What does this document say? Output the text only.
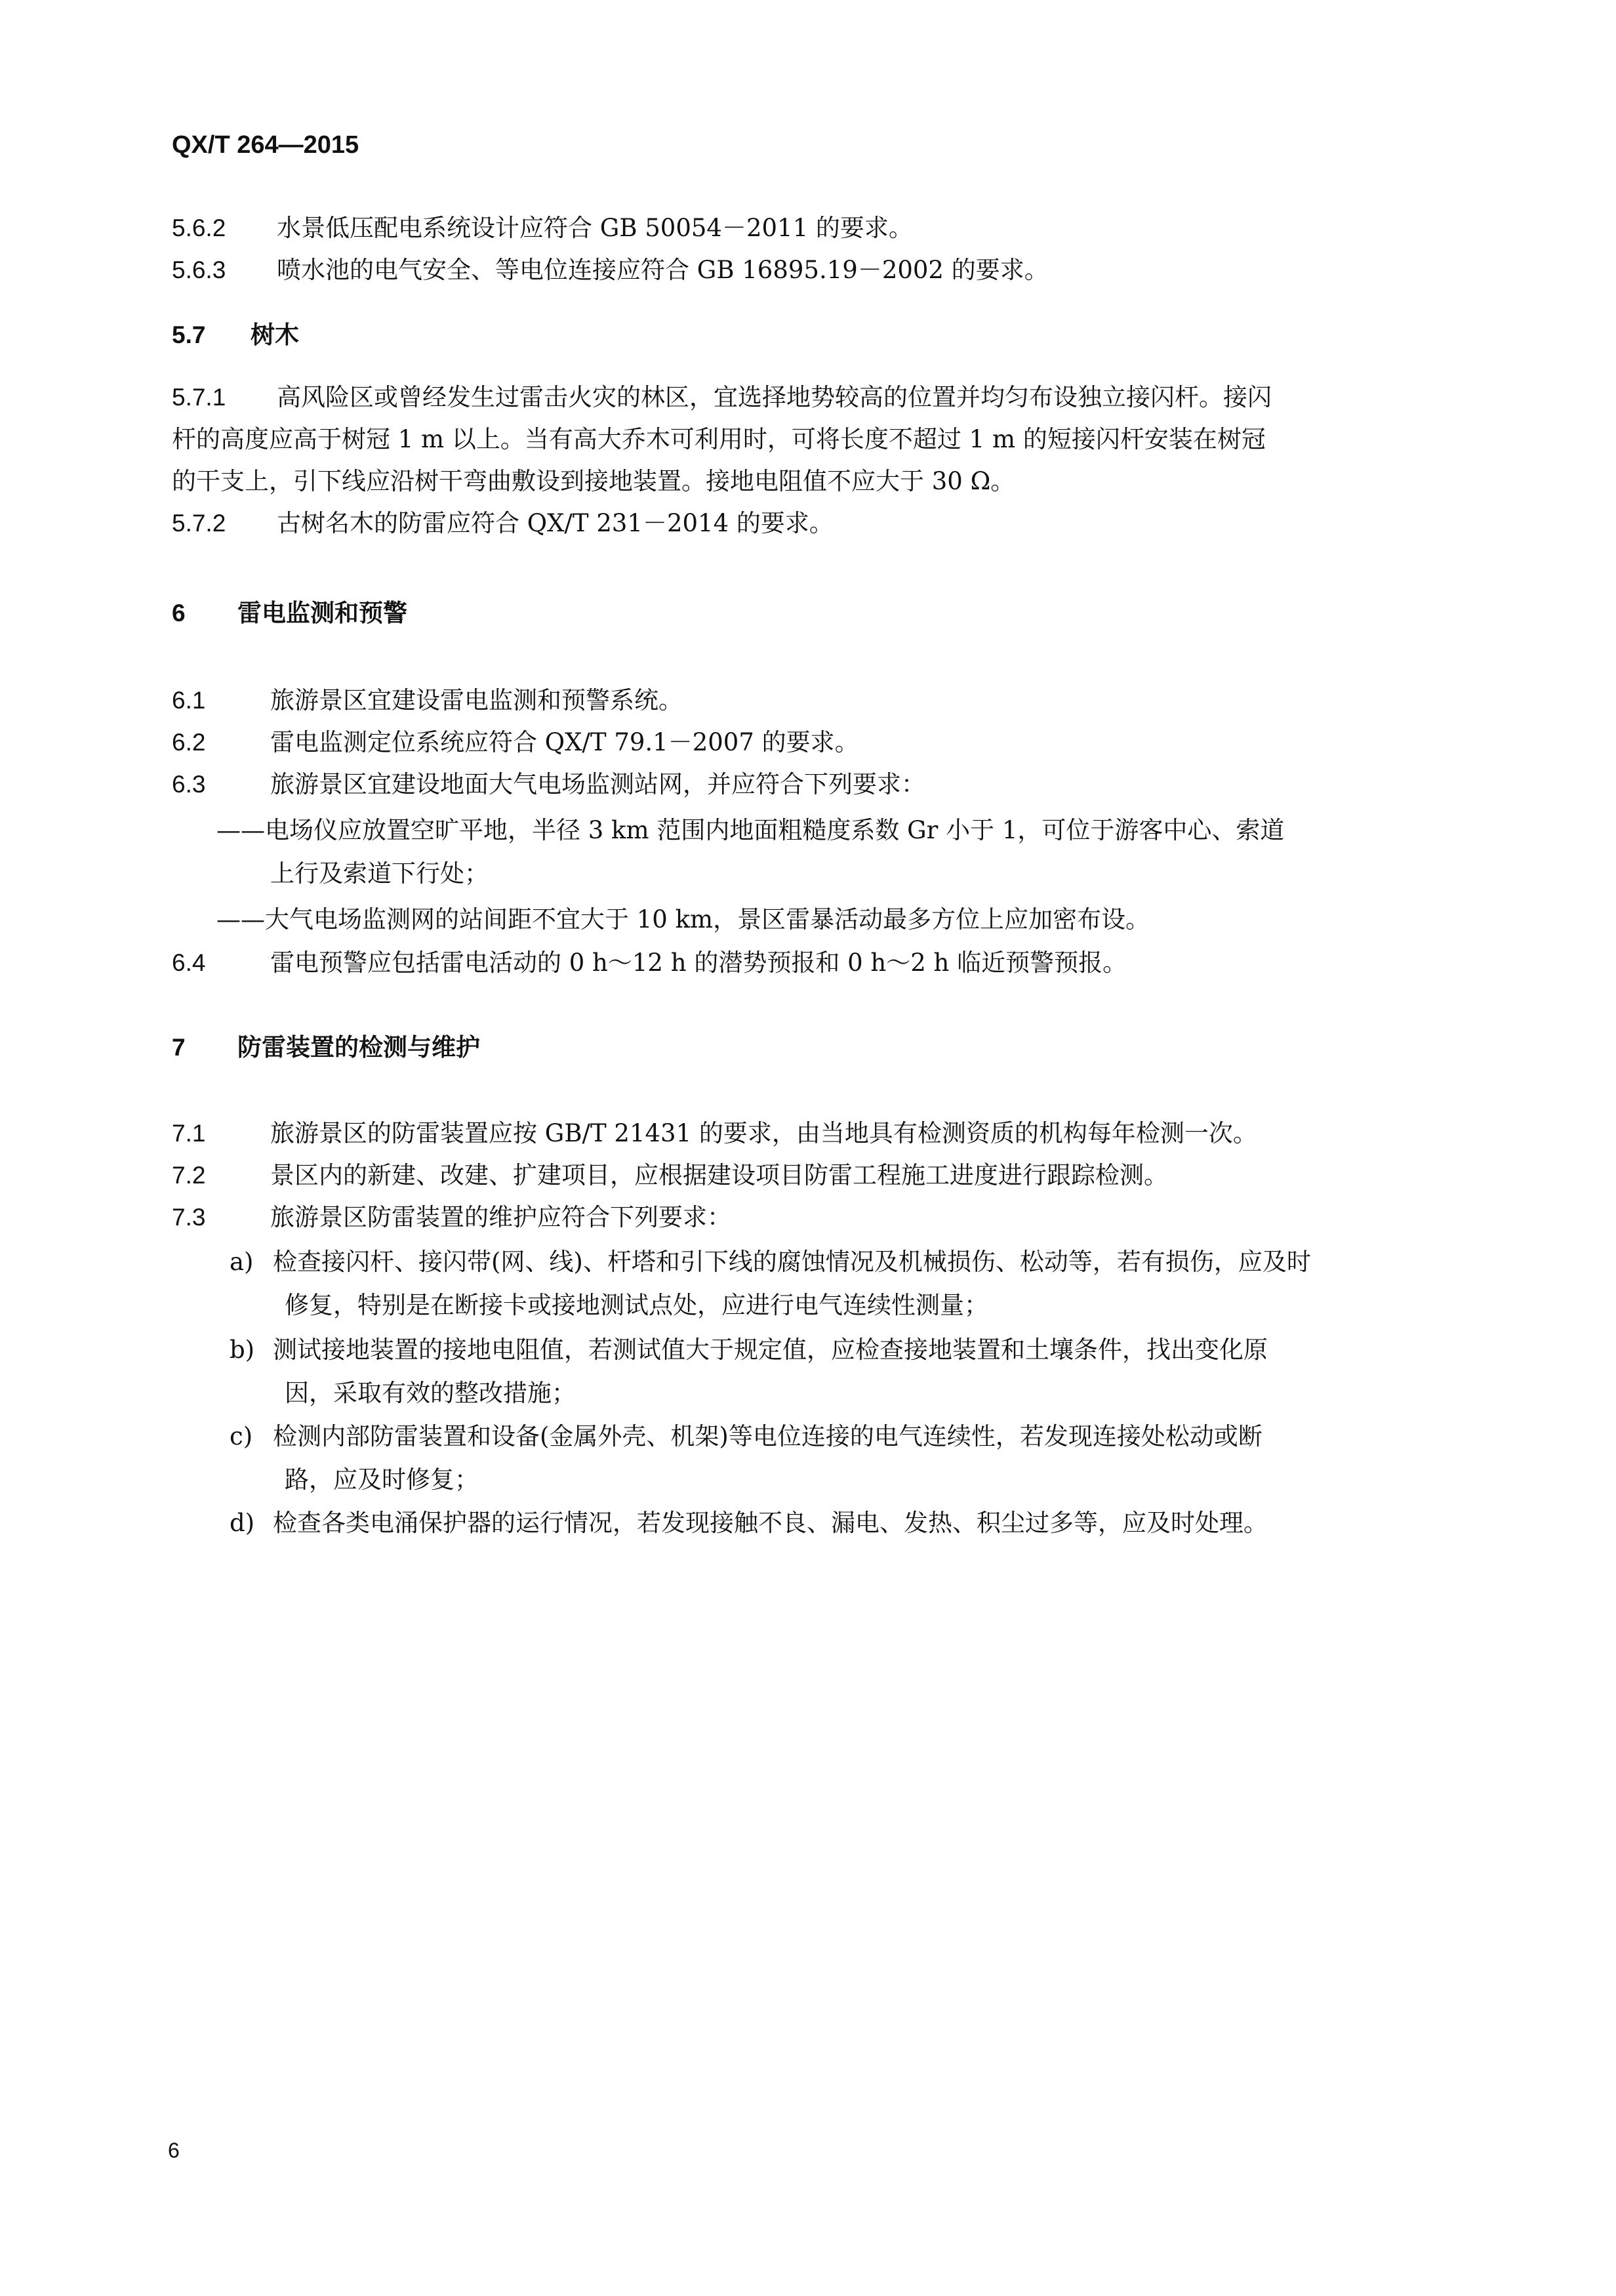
QX/T 264—2015
5.6.2 水景低压配电系统设计应符合 GB 50054－2011 的要求。
5.6.3 喷水池的电气安全、等电位连接应符合 GB 16895.19－2002 的要求。
5.7 树木
5.7.1 高风险区或曾经发生过雷击火灾的林区，宜选择地势较高的位置并均匀布设独立接闪杆。接闪
杆的高度应高于树冠 1 m 以上。当有高大乔木可利用时，可将长度不超过 1 m 的短接闪杆安装在树冠
的干支上，引下线应沿树干弯曲敷设到接地装置。接地电阻值不应大于 30 Ω。
5.7.2 古树名木的防雷应符合 QX/T 231－2014 的要求。
6 雷电监测和预警
6.1	旅游景区宜建设雷电监测和预警系统。
6.2	雷电监测定位系统应符合 QX/T 79.1－2007 的要求。
6.3	旅游景区宜建设地面大气电场监测站网，并应符合下列要求：
——电场仪应放置空旷平地，半径 3 km 范围内地面粗糙度系数 Gr 小于 1，可位于游客中心、索道
上行及索道下行处；
——大气电场监测网的站间距不宜大于 10 km，景区雷暴活动最多方位上应加密布设。
6.4	雷电预警应包括雷电活动的 0 h～12 h 的潜势预报和 0 h～2 h 临近预警预报。
7 防雷装置的检测与维护
7.1	旅游景区的防雷装置应按 GB/T 21431 的要求，由当地具有检测资质的机构每年检测一次。
7.2	景区内的新建、改建、扩建项目，应根据建设项目防雷工程施工进度进行跟踪检测。
7.3	旅游景区防雷装置的维护应符合下列要求：
a) 检查接闪杆、接闪带(网、线)、杆塔和引下线的腐蚀情况及机械损伤、松动等，若有损伤，应及时
修复，特别是在断接卡或接地测试点处，应进行电气连续性测量；
b) 测试接地装置的接地电阻值，若测试值大于规定值，应检查接地装置和土壤条件，找出变化原
因，采取有效的整改措施；
c) 检测内部防雷装置和设备(金属外壳、机架)等电位连接的电气连续性，若发现连接处松动或断
路，应及时修复；
d) 检查各类电涌保护器的运行情况，若发现接触不良、漏电、发热、积尘过多等，应及时处理。
6
